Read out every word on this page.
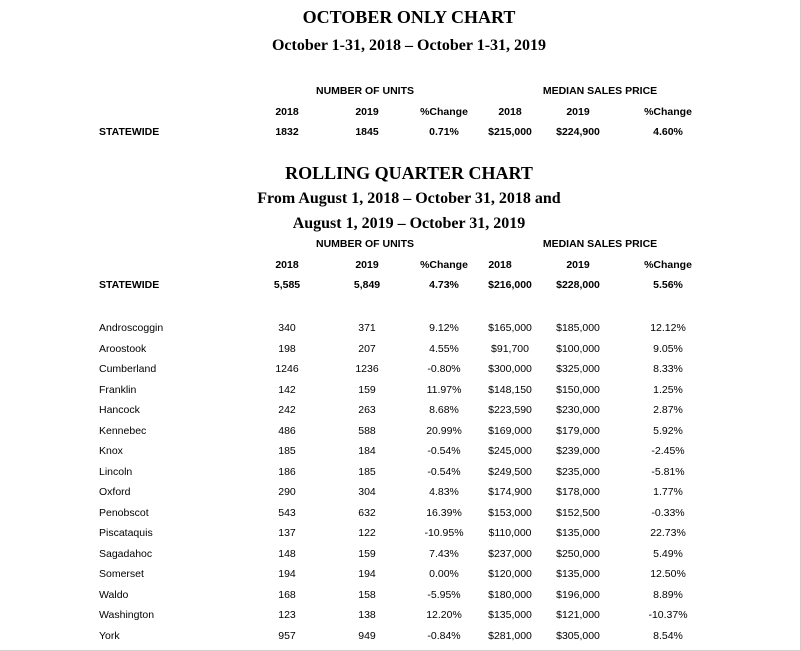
OCTOBER ONLY CHART
October 1-31, 2018 – October 1-31, 2019
NUMBER OF UNITS	MEDIAN SALES PRICE
2018	2019	%Change	2018	2019	%Change
STATEWIDE	1832	1845	0.71%	$215,000 $224,900	4.60%
ROLLING QUARTER CHART
From August 1, 2018 – October 31, 2018 and
August 1, 2019 – October 31, 2019
NUMBER OF UNITS	MEDIAN SALES PRICE
2018	2019	%Change 2018	2019	%Change
STATEWIDE	5,585	5,849	4.73%	$216,000 $228,000	5.56%
Androscoggin	340	371	9.12%	$165,000 $185,000	12.12%
Aroostook	198	207	4.55%	$91,700	$100,000	9.05%
Cumberland	1246	1236	-0.80%	$300,000 $325,000	8.33%
Franklin	142	159	11.97%	$148,150 $150,000	1.25%
Hancock	242	263	8.68%	$223,590 $230,000	2.87%
Kennebec	486	588	20.99%	$169,000 $179,000	5.92%
Knox	185	184	-0.54%	$245,000 $239,000	-2.45%
Lincoln	186	185	-0.54%	$249,500 $235,000	-5.81%
Oxford	290	304	4.83%	$174,900 $178,000	1.77%
Penobscot	543	632	16.39%	$153,000 $152,500	-0.33%
Piscataquis	137	122	-10.95% $110,000 $135,000	22.73%
Sagadahoc	148	159	7.43%	$237,000 $250,000	5.49%
Somerset	194	194	0.00%	$120,000 $135,000	12.50%
Waldo	168	158	-5.95%	$180,000 $196,000	8.89%
Washington	123	138	12.20%	$135,000 $121,000	-10.37%
York	957	949	-0.84%	$281,000 $305,000	8.54%
